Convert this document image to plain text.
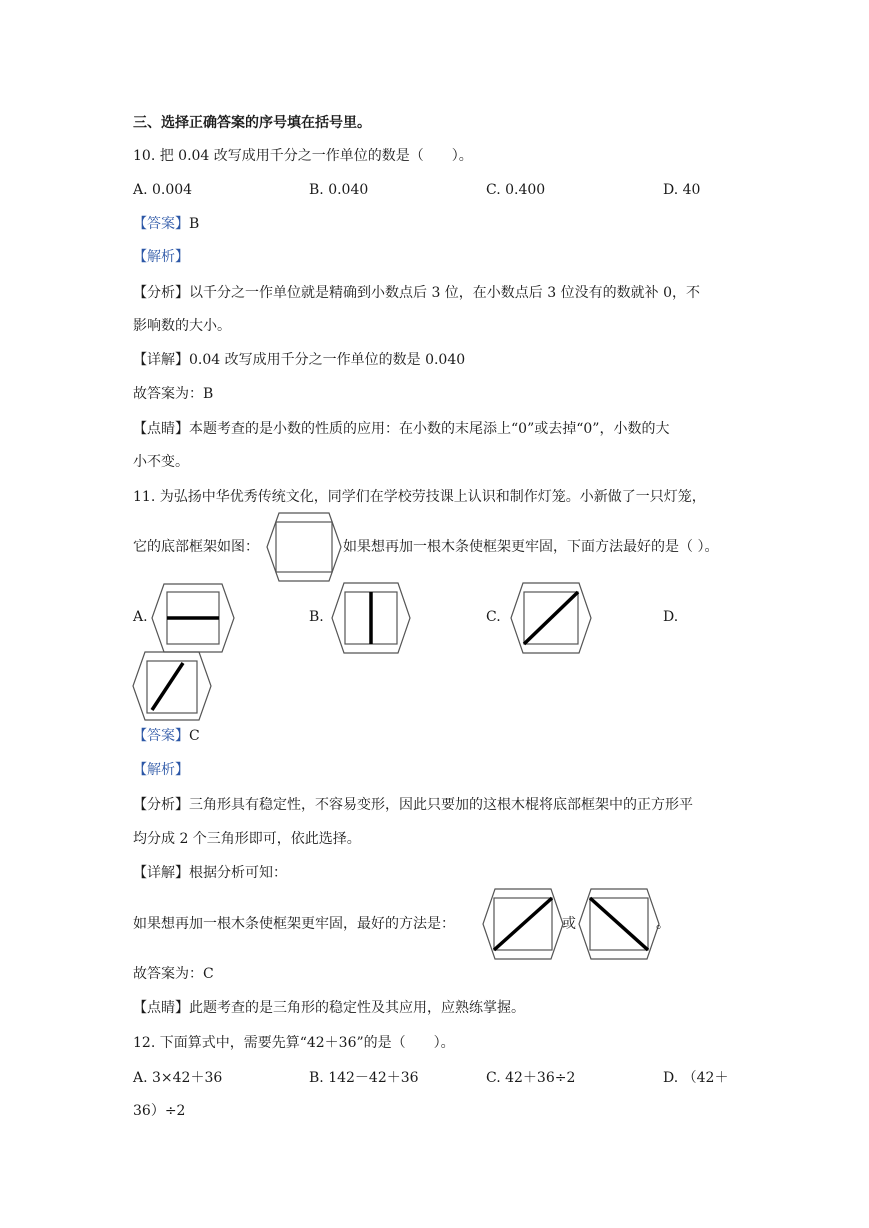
三、选择正确答案的序号填在括号里。
10. 把 0.04 改写成用千分之一作单位的数是（　　）。
A. 0.004	B. 0.040	C. 0.400	D. 40
【答案】B
【解析】
【分析】以千分之一作单位就是精确到小数点后 3 位，在小数点后 3 位没有的数就补 0，不
影响数的大小。
【详解】0.04 改写成用千分之一作单位的数是 0.040
故答案为：B
【点睛】本题考查的是小数的性质的应用：在小数的末尾添上“0”或去掉“0”，小数的大
小不变。
11. 为弘扬中华优秀传统文化，同学们在学校劳技课上认识和制作灯笼。小新做了一只灯笼，
它的底部框架如图：	如果想再加一根木条使框架更牢固，下面方法最好的是（ ）。
A.	B.	C.	D.
【答案】C
【解析】
【分析】三角形具有稳定性，不容易变形，因此只要加的这根木棍将底部框架中的正方形平
均分成 2 个三角形即可，依此选择。
【详解】根据分析可知：
如果想再加一根木条使框架更牢固，最好的方法是：	或	。
故答案为：C
【点睛】此题考查的是三角形的稳定性及其应用，应熟练掌握。
12. 下面算式中，需要先算“42＋36”的是（　　）。
A. 3×42＋36	B. 142－42＋36	C. 42＋36÷2	D. （42＋
36）÷2
